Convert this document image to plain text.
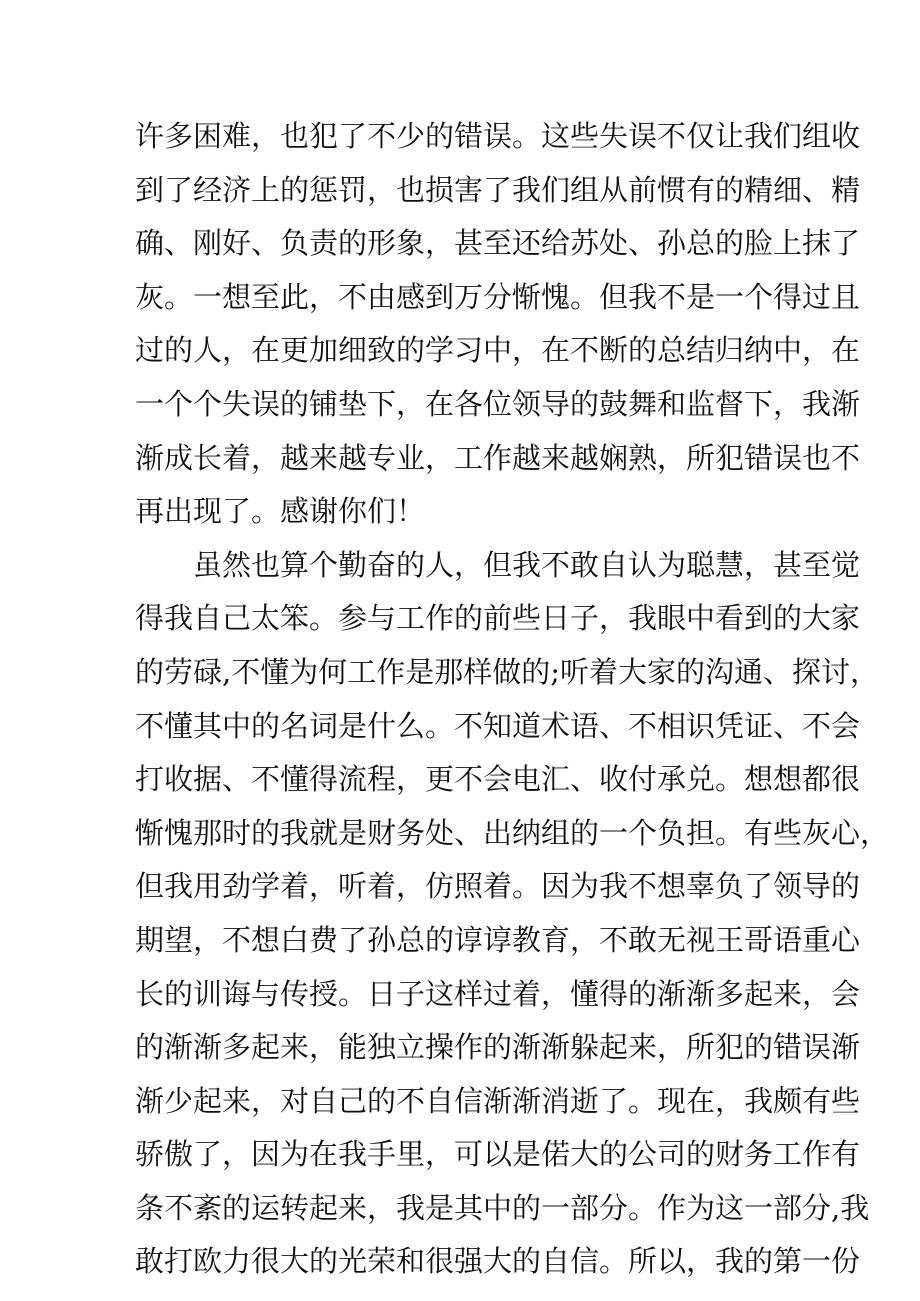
许多困难，也犯了不少的错误。这些失误不仅让我们组收
到了经济上的惩罚，也损害了我们组从前惯有的精细、精
确、刚好、负责的形象，甚至还给苏处、孙总的脸上抹了
灰。一想至此，不由感到万分惭愧。但我不是一个得过且
过的人，在更加细致的学习中，在不断的总结归纳中，在
一个个失误的铺垫下，在各位领导的鼓舞和监督下，我渐
渐成长着，越来越专业，工作越来越娴熟，所犯错误也不
再出现了。感谢你们！
虽然也算个勤奋的人，但我不敢自认为聪慧，甚至觉
得我自己太笨。参与工作的前些日子，我眼中看到的大家
的劳碌,不懂为何工作是那样做的;听着大家的沟通、探讨，
不懂其中的名词是什么。不知道术语、不相识凭证、不会
打收据、不懂得流程，更不会电汇、收付承兑。想想都很
惭愧那时的我就是财务处、出纳组的一个负担。有些灰心，
但我用劲学着，听着，仿照着。因为我不想辜负了领导的
期望，不想白费了孙总的谆谆教育，不敢无视王哥语重心
长的训诲与传授。日子这样过着，懂得的渐渐多起来，会
的渐渐多起来，能独立操作的渐渐躲起来，所犯的错误渐
渐少起来，对自己的不自信渐渐消逝了。现在，我颇有些
骄傲了，因为在我手里，可以是偌大的公司的财务工作有
条不紊的运转起来，我是其中的一部分。作为这一部分,我
敢打欧力很大的光荣和很强大的自信。所以，我的第一份
